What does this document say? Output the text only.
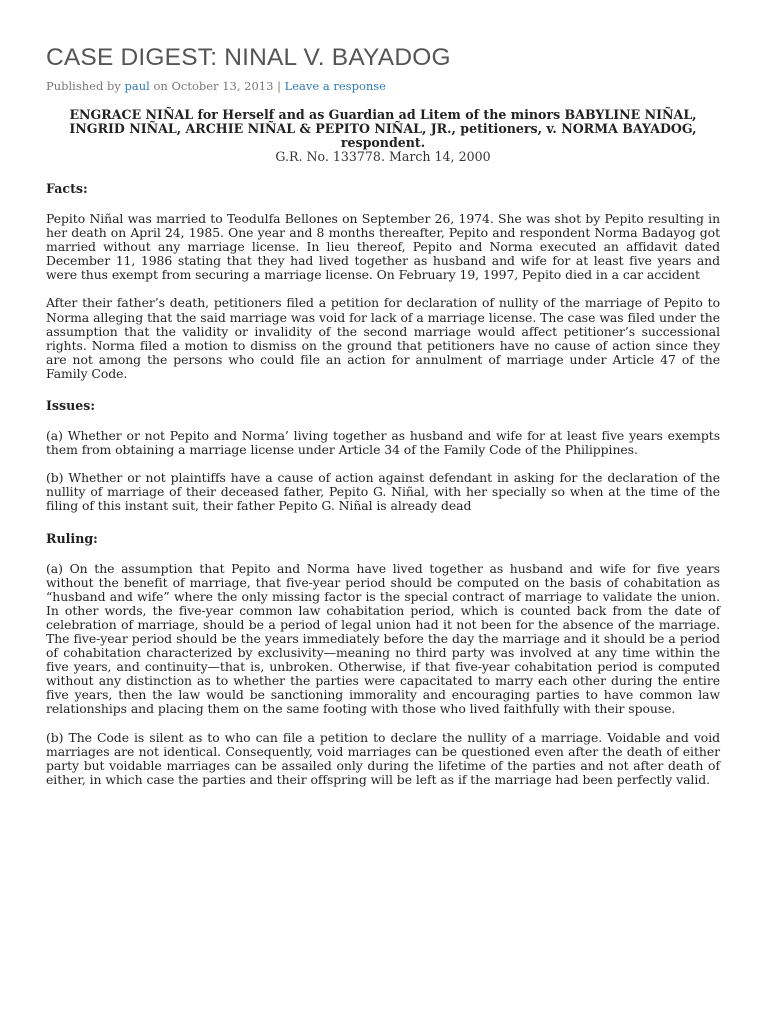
CASE DIGEST: NINAL V. BAYADOG
Published by paul on October 13, 2013 | Leave a response
ENGRACE NIÑAL for Herself and as Guardian ad Litem of the minors BABYLINE NIÑAL, INGRID NIÑAL, ARCHIE NIÑAL & PEPITO NIÑAL, JR., petitioners, v. NORMA BAYADOG, respondent.
G.R. No. 133778. March 14, 2000
Facts:
Pepito Niñal was married to Teodulfa Bellones on September 26, 1974. She was shot by Pepito resulting in her death on April 24, 1985. One year and 8 months thereafter, Pepito and respondent Norma Badayog got married without any marriage license. In lieu thereof, Pepito and Norma executed an affidavit dated December 11, 1986 stating that they had lived together as husband and wife for at least five years and were thus exempt from securing a marriage license. On February 19, 1997, Pepito died in a car accident
After their father’s death, petitioners filed a petition for declaration of nullity of the marriage of Pepito to Norma alleging that the said marriage was void for lack of a marriage license. The case was filed under the assumption that the validity or invalidity of the second marriage would affect petitioner’s successional rights. Norma filed a motion to dismiss on the ground that petitioners have no cause of action since they are not among the persons who could file an action for annulment of marriage under Article 47 of the Family Code.
Issues:
(a) Whether or not Pepito and Norma’ living together as husband and wife for at least five years exempts them from obtaining a marriage license under Article 34 of the Family Code of the Philippines.
(b) Whether or not plaintiffs have a cause of action against defendant in asking for the declaration of the nullity of marriage of their deceased father, Pepito G. Niñal, with her specially so when at the time of the filing of this instant suit, their father Pepito G. Niñal is already dead
Ruling:
(a) On the assumption that Pepito and Norma have lived together as husband and wife for five years without the benefit of marriage, that five-year period should be computed on the basis of cohabitation as “husband and wife” where the only missing factor is the special contract of marriage to validate the union. In other words, the five-year common law cohabitation period, which is counted back from the date of celebration of marriage, should be a period of legal union had it not been for the absence of the marriage. The five-year period should be the years immediately before the day the marriage and it should be a period of cohabitation characterized by exclusivity—meaning no third party was involved at any time within the five years, and continuity—that is, unbroken. Otherwise, if that five-year cohabitation period is computed without any distinction as to whether the parties were capacitated to marry each other during the entire five years, then the law would be sanctioning immorality and encouraging parties to have common law relationships and placing them on the same footing with those who lived faithfully with their spouse.
(b) The Code is silent as to who can file a petition to declare the nullity of a marriage. Voidable and void marriages are not identical. Consequently, void marriages can be questioned even after the death of either party but voidable marriages can be assailed only during the lifetime of the parties and not after death of either, in which case the parties and their offspring will be left as if the marriage had been perfectly valid.
